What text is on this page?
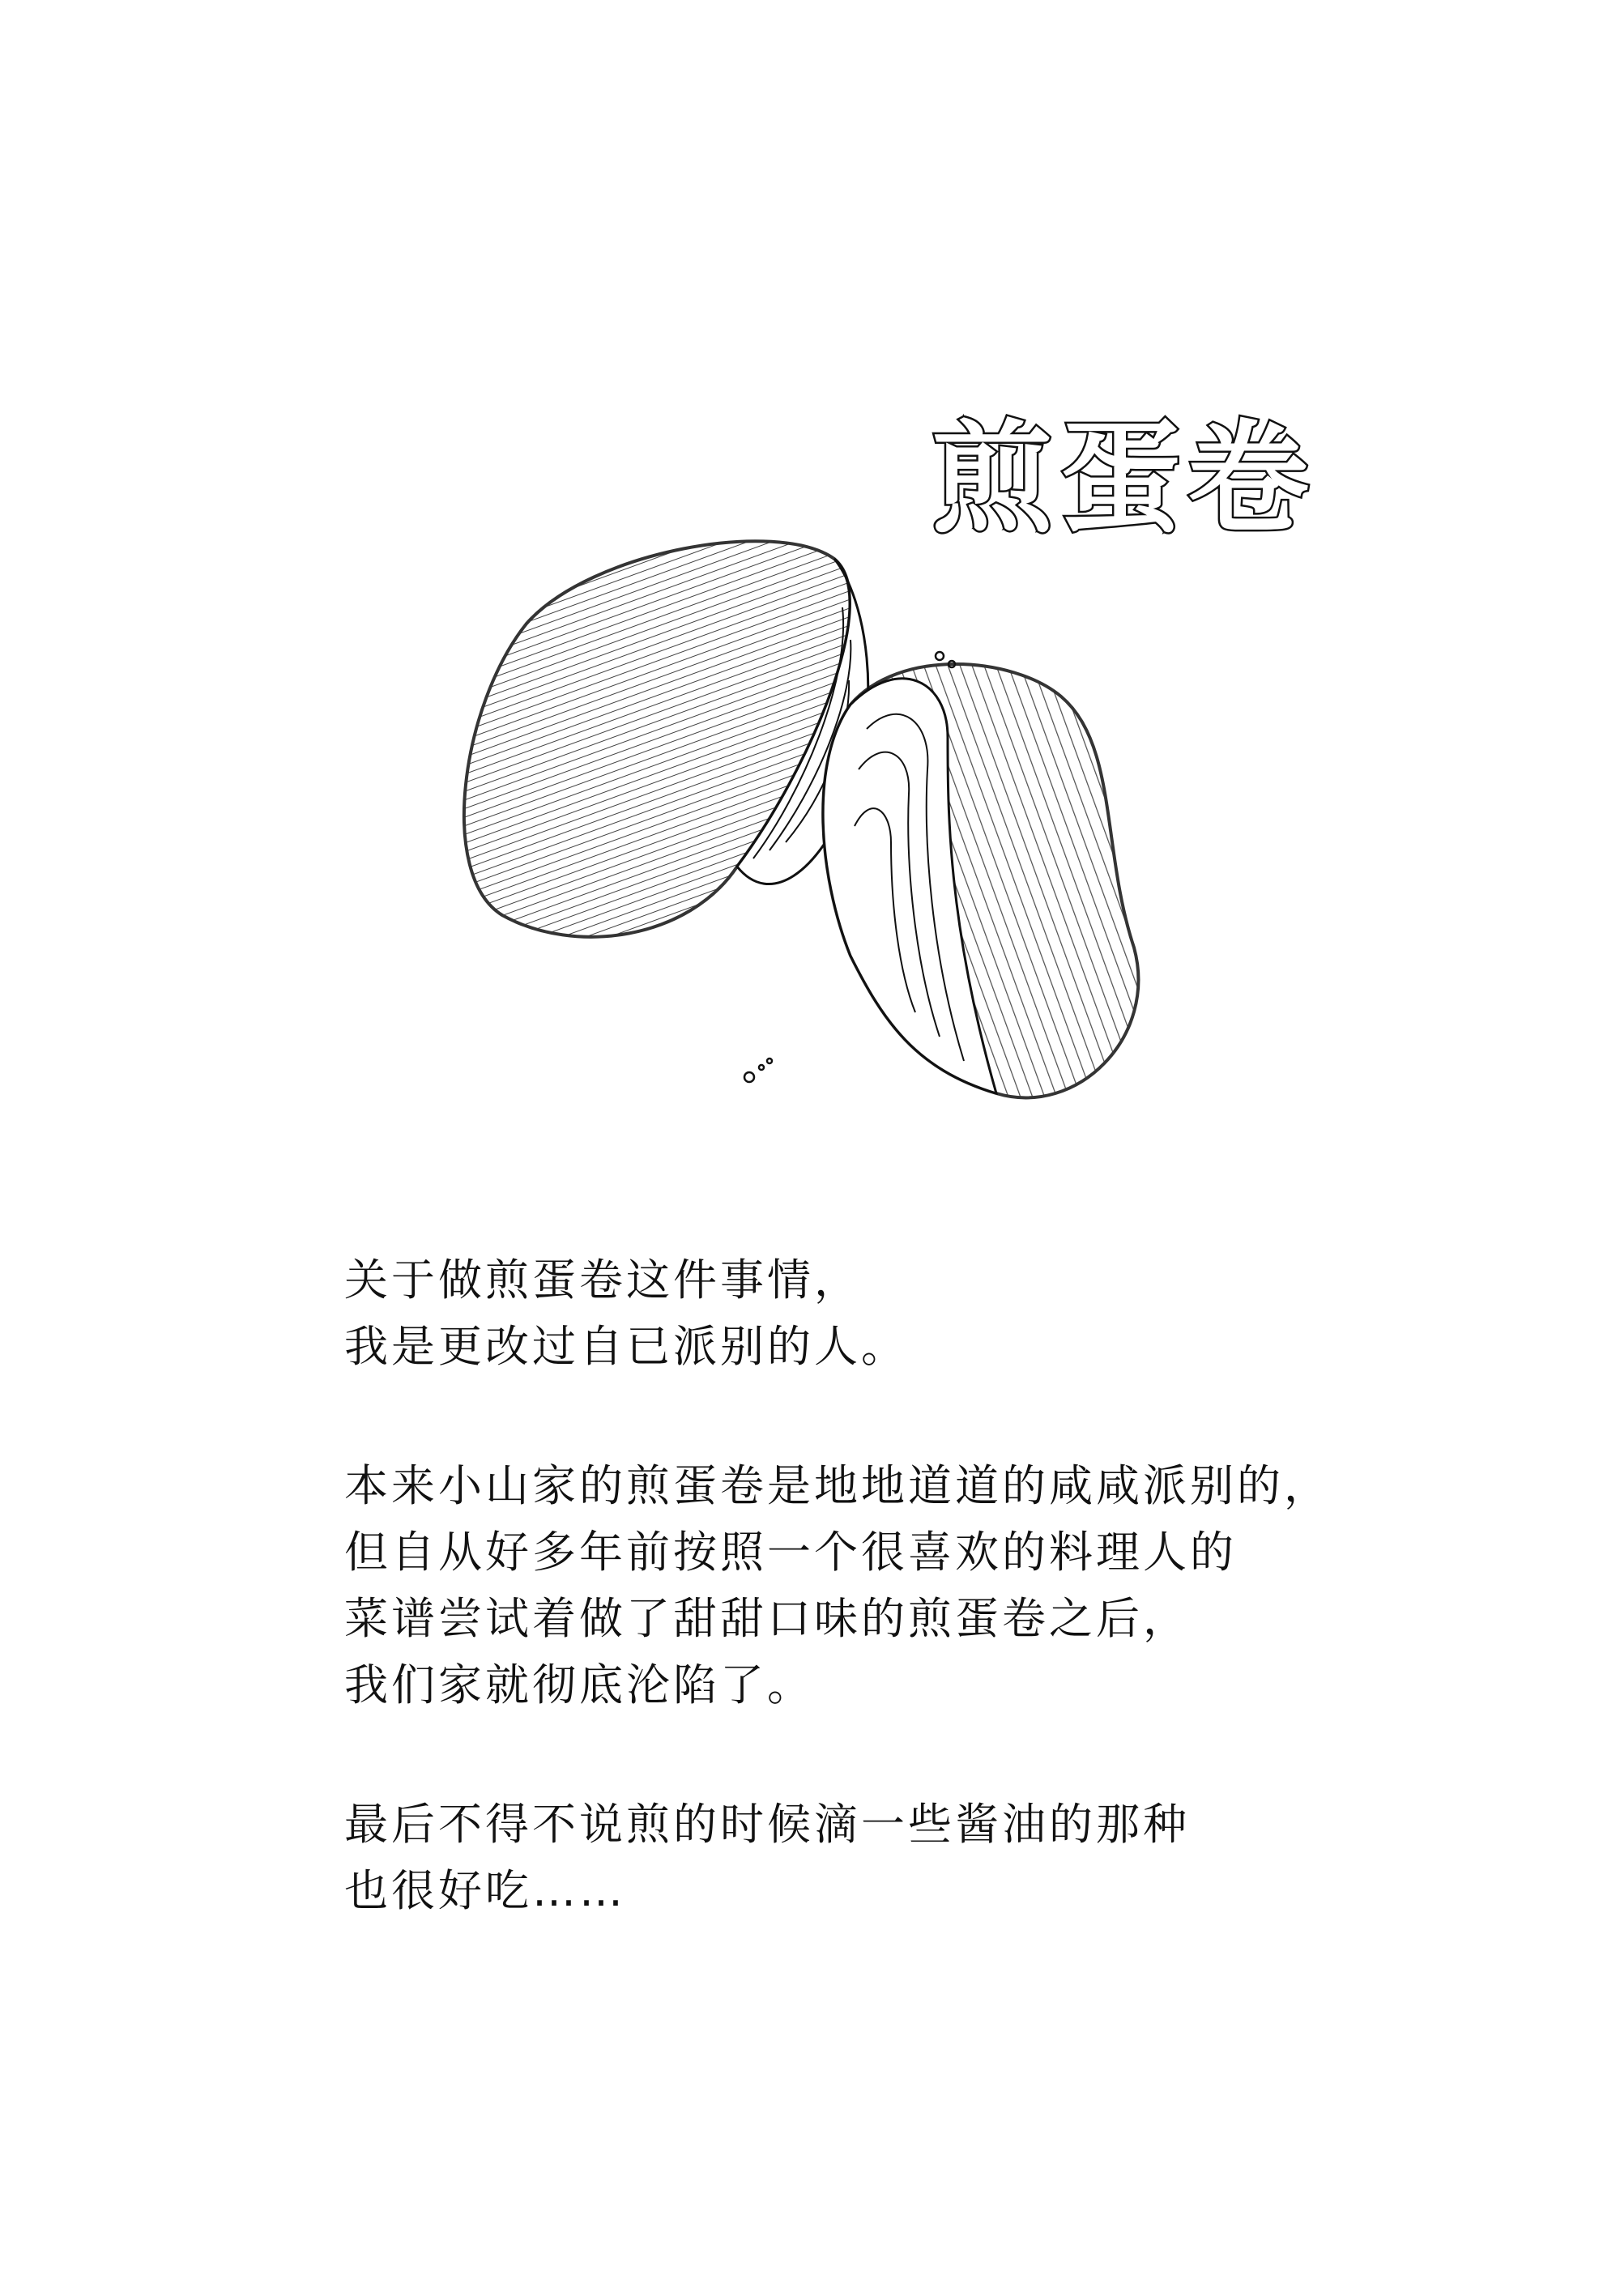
煎蛋卷

关于做煎蛋卷这件事情，
我是更改过自已派别的人。

本来小山家的煎蛋卷是地地道道的咸咸派别的，
但自从好多年前按照一个很喜欢的料理人的
菜谱尝试着做了甜甜口味的煎蛋卷之后，
我们家就彻底沦陷了。

最后不得不说煎的时候滴一些酱油的那种
也很好吃……
